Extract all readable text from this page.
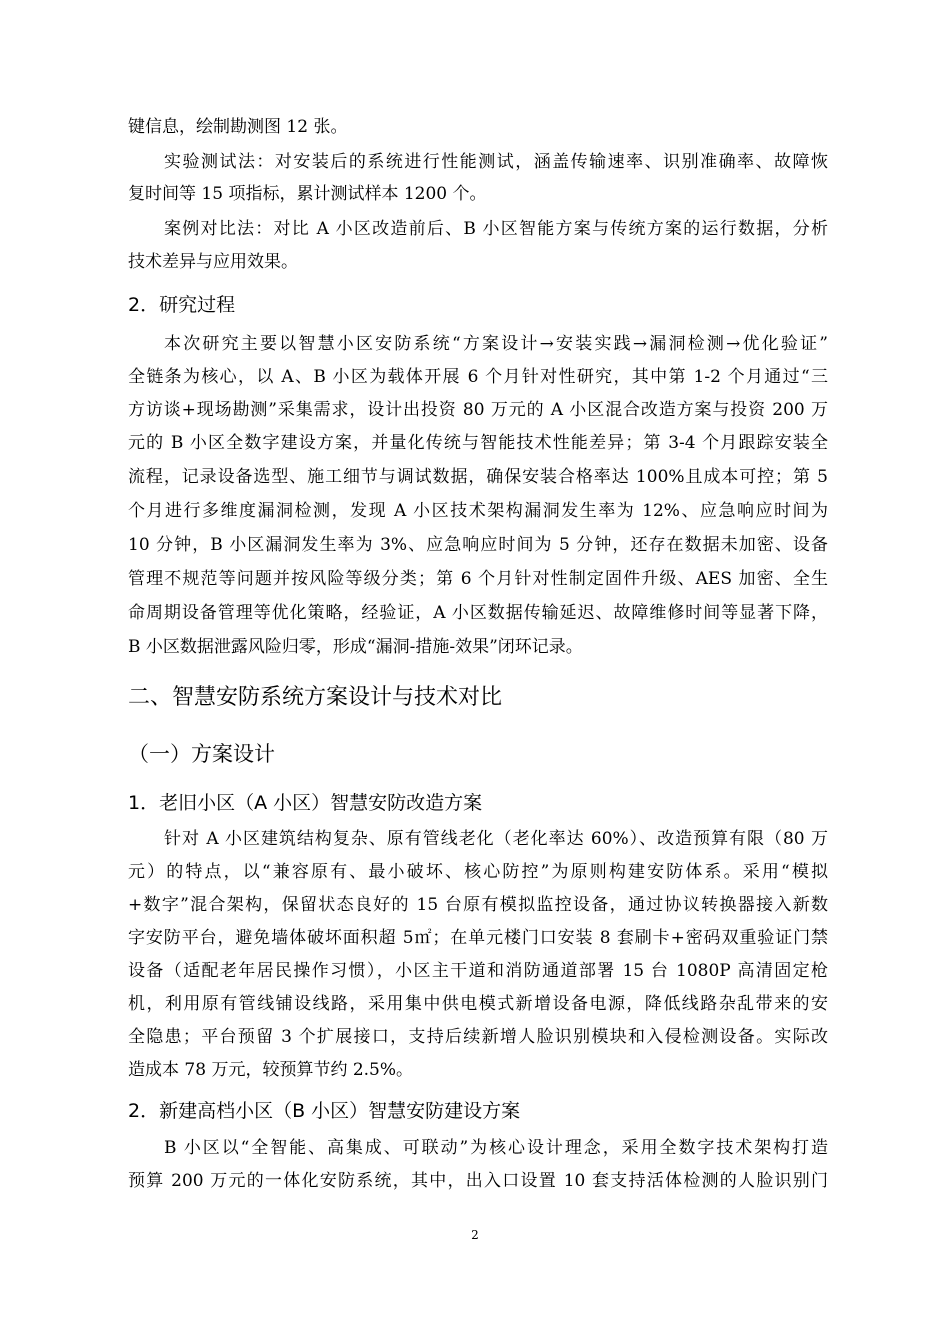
键信息，绘制勘测图 12 张。
实验测试法：对安装后的系统进行性能测试，涵盖传输速率、识别准确率、故障恢
复时间等 15 项指标，累计测试样本 1200 个。
案例对比法：对比 A 小区改造前后、B 小区智能方案与传统方案的运行数据，分析
技术差异与应用效果。
2．研究过程
本次研究主要以智慧小区安防系统“方案设计→安装实践→漏洞检测→优化验证”
全链条为核心，以 A、B 小区为载体开展 6 个月针对性研究，其中第 1-2 个月通过“三
方访谈+现场勘测”采集需求，设计出投资 80 万元的 A 小区混合改造方案与投资 200 万
元的 B 小区全数字建设方案，并量化传统与智能技术性能差异；第 3-4 个月跟踪安装全
流程，记录设备选型、施工细节与调试数据，确保安装合格率达 100%且成本可控；第 5
个月进行多维度漏洞检测，发现 A 小区技术架构漏洞发生率为 12%、应急响应时间为
10 分钟，B 小区漏洞发生率为 3%、应急响应时间为 5 分钟，还存在数据未加密、设备
管理不规范等问题并按风险等级分类；第 6 个月针对性制定固件升级、AES 加密、全生
命周期设备管理等优化策略，经验证，A 小区数据传输延迟、故障维修时间等显著下降，
B 小区数据泄露风险归零，形成“漏洞-措施-效果”闭环记录。
二、智慧安防系统方案设计与技术对比
（一）方案设计
1．老旧小区（A 小区）智慧安防改造方案
针对 A 小区建筑结构复杂、原有管线老化（老化率达 60%）、改造预算有限（80 万
元）的特点，以“兼容原有、最小破坏、核心防控”为原则构建安防体系。采用“模拟
+数字”混合架构，保留状态良好的 15 台原有模拟监控设备，通过协议转换器接入新数
字安防平台，避免墙体破坏面积超 5㎡；在单元楼门口安装 8 套刷卡+密码双重验证门禁
设备（适配老年居民操作习惯），小区主干道和消防通道部署 15 台 1080P 高清固定枪
机，利用原有管线铺设线路，采用集中供电模式新增设备电源，降低线路杂乱带来的安
全隐患；平台预留 3 个扩展接口，支持后续新增人脸识别模块和入侵检测设备。实际改
造成本 78 万元，较预算节约 2.5%。
2．新建高档小区（B 小区）智慧安防建设方案
B 小区以“全智能、高集成、可联动”为核心设计理念，采用全数字技术架构打造
预算 200 万元的一体化安防系统，其中，出入口设置 10 套支持活体检测的人脸识别门
2
